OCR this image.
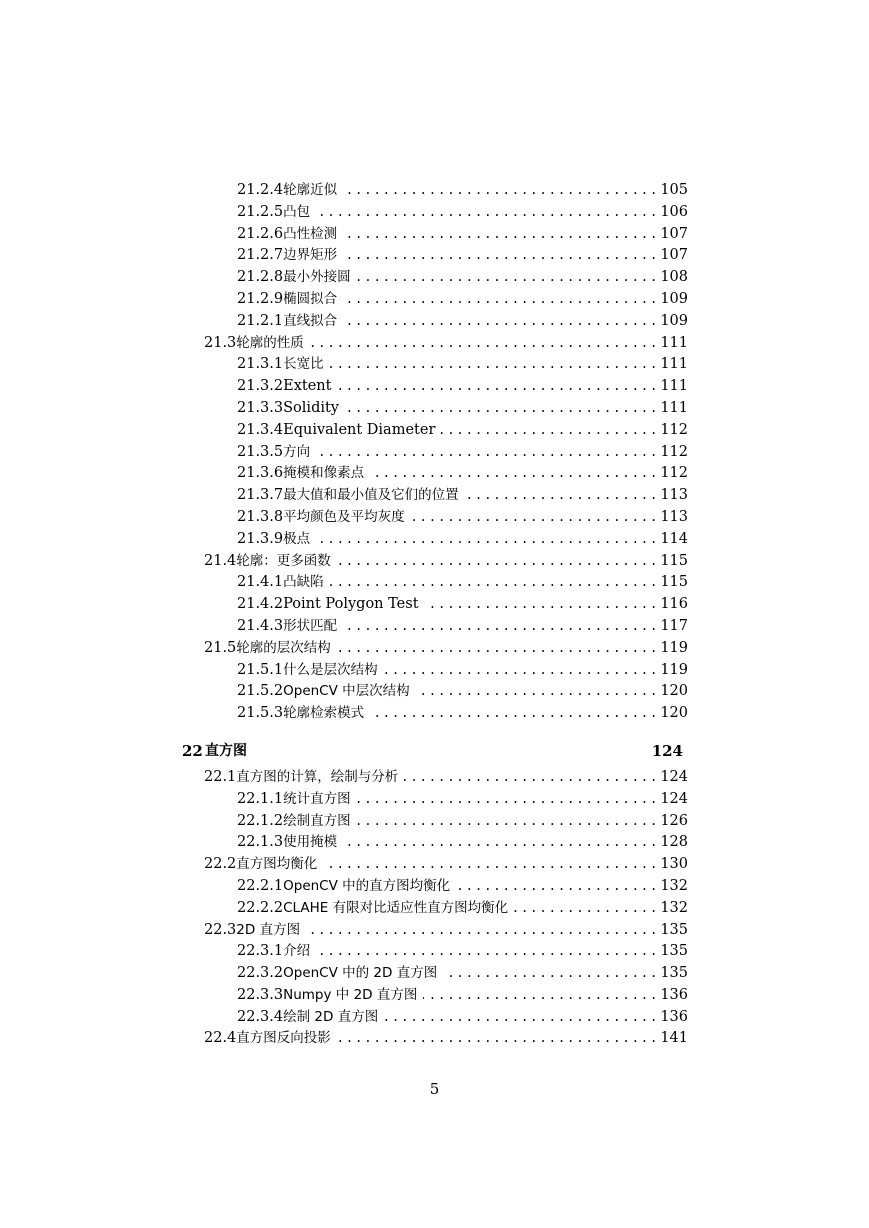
21.2.4 轮廓近似 . . .	105
21.2.5 凸包 . . .	106
21.2.6 凸性检测 . . .	107
21.2.7 边界矩形 . . .	107
21.2.8 最小外接圆 . . .	108
21.2.9 椭圆拟合 . . .	109
21.2.1 直线拟合 . . .	109
21.3 轮廓的性质 . . .	111
21.3.1 长宽比 . . .	111
21.3.2 Extent . . .	111
21.3.3 Solidity . . .	111
21.3.4 Equivalent Diameter . . .	112
21.3.5 方向 . . .	112
21.3.6 掩模和像素点 . . .	112
21.3.7 最大值和最小值及它们的位置 . . .	113
21.3.8 平均颜色及平均灰度 . . .	113
21.3.9 极点 . . .	114
21.4 轮廓：更多函数 . . .	115
21.4.1 凸缺陷 . . .	115
21.4.2 Point Polygon Test . . .	116
21.4.3 形状匹配 . . .	117
21.5 轮廓的层次结构 . . .	119
21.5.1 什么是层次结构 . . .	119
21.5.2 OpenCV 中层次结构 . . .	120
21.5.3 轮廓检索模式 . . .	120
22 直方图	124
22.1 直方图的计算，绘制与分析 . . .	124
22.1.1 统计直方图 . . .	124
22.1.2 绘制直方图 . . .	126
22.1.3 使用掩模 . . .	128
22.2 直方图均衡化 . . .	130
22.2.1 OpenCV 中的直方图均衡化 . . .	132
22.2.2 CLAHE 有限对比适应性直方图均衡化 . . .	132
22.3 2D 直方图 . . .	135
22.3.1 介绍 . . .	135
22.3.2 OpenCV 中的 2D 直方图 . . .	135
22.3.3 Numpy 中 2D 直方图 . . .	136
22.3.4 绘制 2D 直方图 . . .	136
22.4 直方图反向投影 . . .	141
5
